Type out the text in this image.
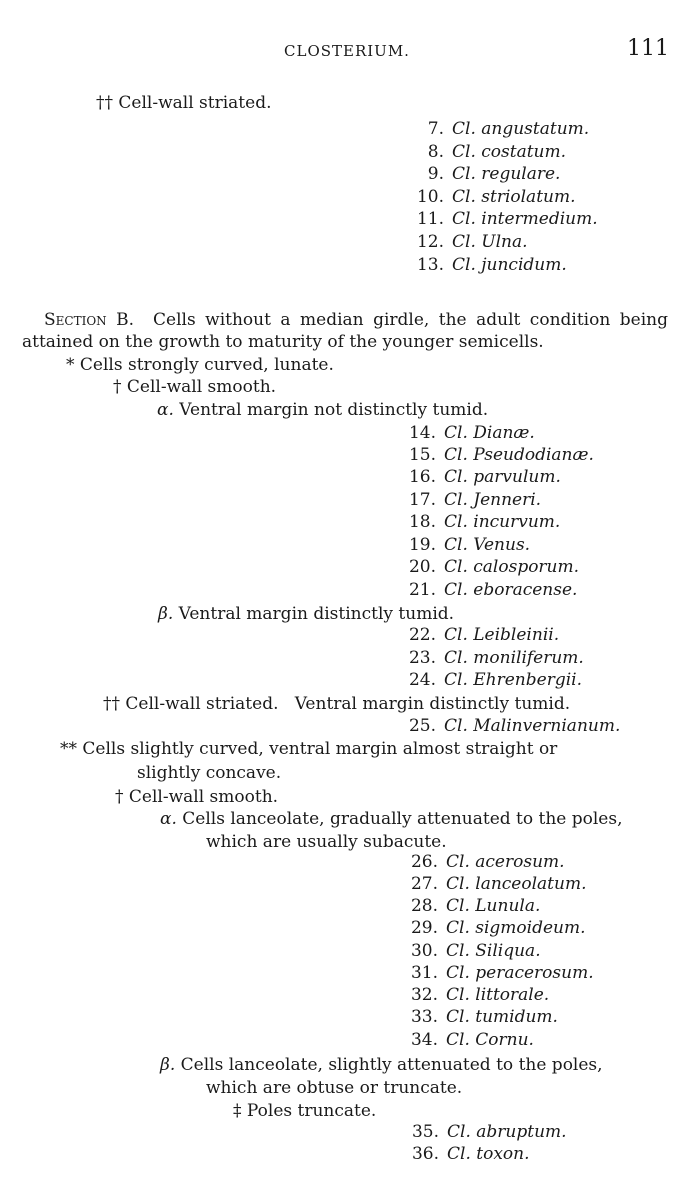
CLOSTERIUM.	111
†† Cell-wall striated.
7. Cl. angustatum.
8. Cl. costatum.
9. Cl. regulare.
10. Cl. striolatum.
11. Cl. intermedium.
12. Cl. Ulna.
13. Cl. juncidum.
Section B. Cells without a median girdle, the adult condition being attained on the growth to maturity of the younger semicells.
* Cells strongly curved, lunate.
† Cell-wall smooth.
α. Ventral margin not distinctly tumid.
14. Cl. Dianæ.
15. Cl. Pseudodianæ.
16. Cl. parvulum.
17. Cl. Jenneri.
18. Cl. incurvum.
19. Cl. Venus.
20. Cl. calosporum.
21. Cl. eboracense.
β. Ventral margin distinctly tumid.
22. Cl. Leibleinii.
23. Cl. moniliferum.
24. Cl. Ehrenbergii.
†† Cell-wall striated. Ventral margin distinctly tumid.
25. Cl. Malinvernianum.
** Cells slightly curved, ventral margin almost straight or
slightly concave.
† Cell-wall smooth.
α. Cells lanceolate, gradually attenuated to the poles,
which are usually subacute.
26. Cl. acerosum.
27. Cl. lanceolatum.
28. Cl. Lunula.
29. Cl. sigmoideum.
30. Cl. Siliqua.
31. Cl. peracerosum.
32. Cl. littorale.
33. Cl. tumidum.
34. Cl. Cornu.
β. Cells lanceolate, slightly attenuated to the poles,
which are obtuse or truncate.
‡ Poles truncate.
35. Cl. abruptum.
36. Cl. toxon.
